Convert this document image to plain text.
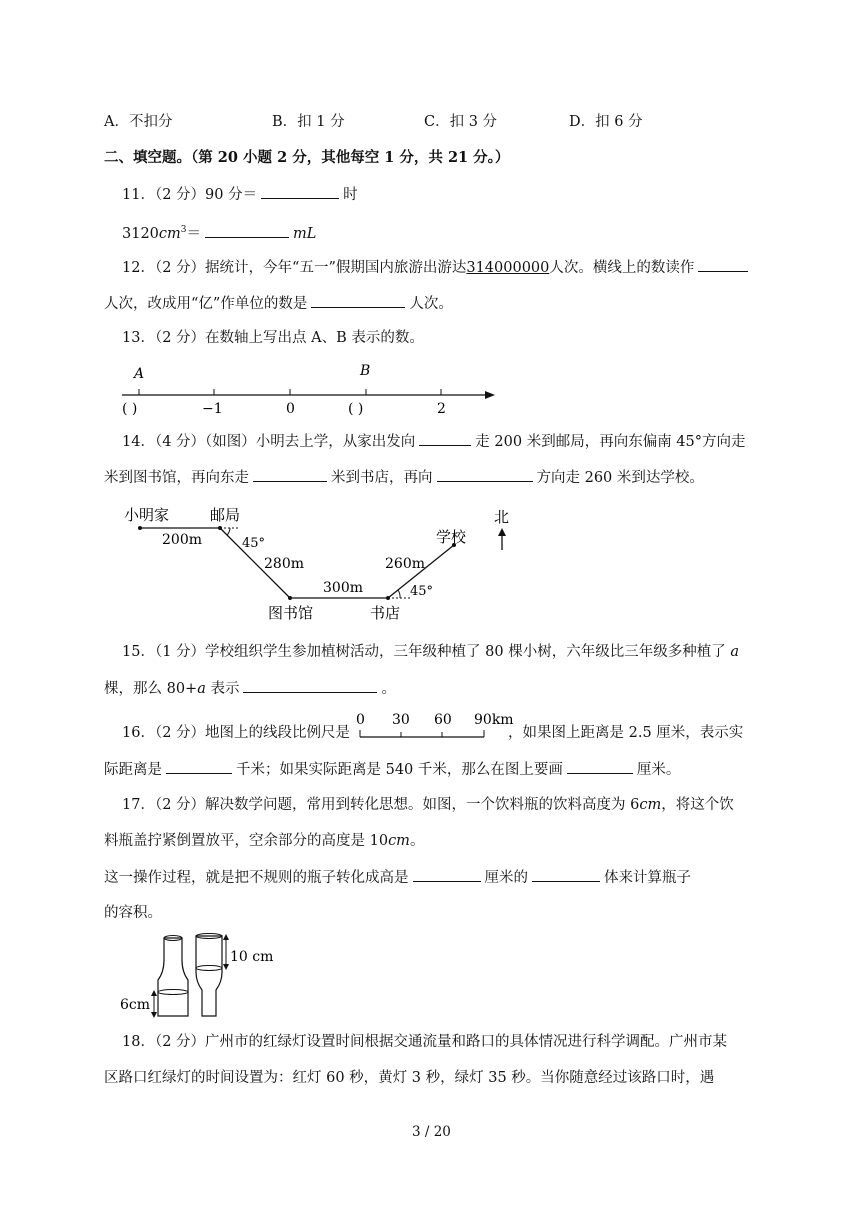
A．不扣分	B．扣 1 分	C．扣 3 分	D．扣 6 分
二、填空题。（第 20 小题 2 分，其他每空 1 分，共 21 分。）
11．（2 分）90 分＝	时
$3120cm^3=$	mL
12．（2 分）据统计，今年“五一”假期国内旅游出游达314000000人次。横线上的数读作
人次，改成用“亿”作单位的数是	人次。
13．（2 分）在数轴上写出点 A、B 表示的数。
A	B
( )	−1	0	( )	2
14．（4 分）（如图）小明去上学，从家出发向	走 200 米到邮局，再向东偏南 45°方向走
米到图书馆，再向东走	米到书店，再向	方向走 260 米到达学校。
小明家	邮局
200m	45°
280m
300m
260m
45°
图书馆	书店
学校
北
15．（1 分）学校组织学生参加植树活动，三年级种植了 80 棵小树，六年级比三年级多种植了 a
棵，那么 80+a 表示	。
16．（2 分）地图上的线段比例尺是
0 30 60 90km
，如果图上距离是 2.5 厘米，表示实
际距离是	千米；如果实际距离是 540 千米，那么在图上要画	厘米。
17．（2 分）解决数学问题，常用到转化思想。如图，一个饮料瓶的饮料高度为 6cm，将这个饮
料瓶盖拧紧倒置放平，空余部分的高度是 10cm。
这一操作过程，就是把不规则的瓶子转化成高是	厘米的	体来计算瓶子
的容积。
10 cm
6cm
18．（2 分）广州市的红绿灯设置时间根据交通流量和路口的具体情况进行科学调配。广州市某
区路口红绿灯的时间设置为：红灯 60 秒，黄灯 3 秒，绿灯 35 秒。当你随意经过该路口时，遇
3 / 20
